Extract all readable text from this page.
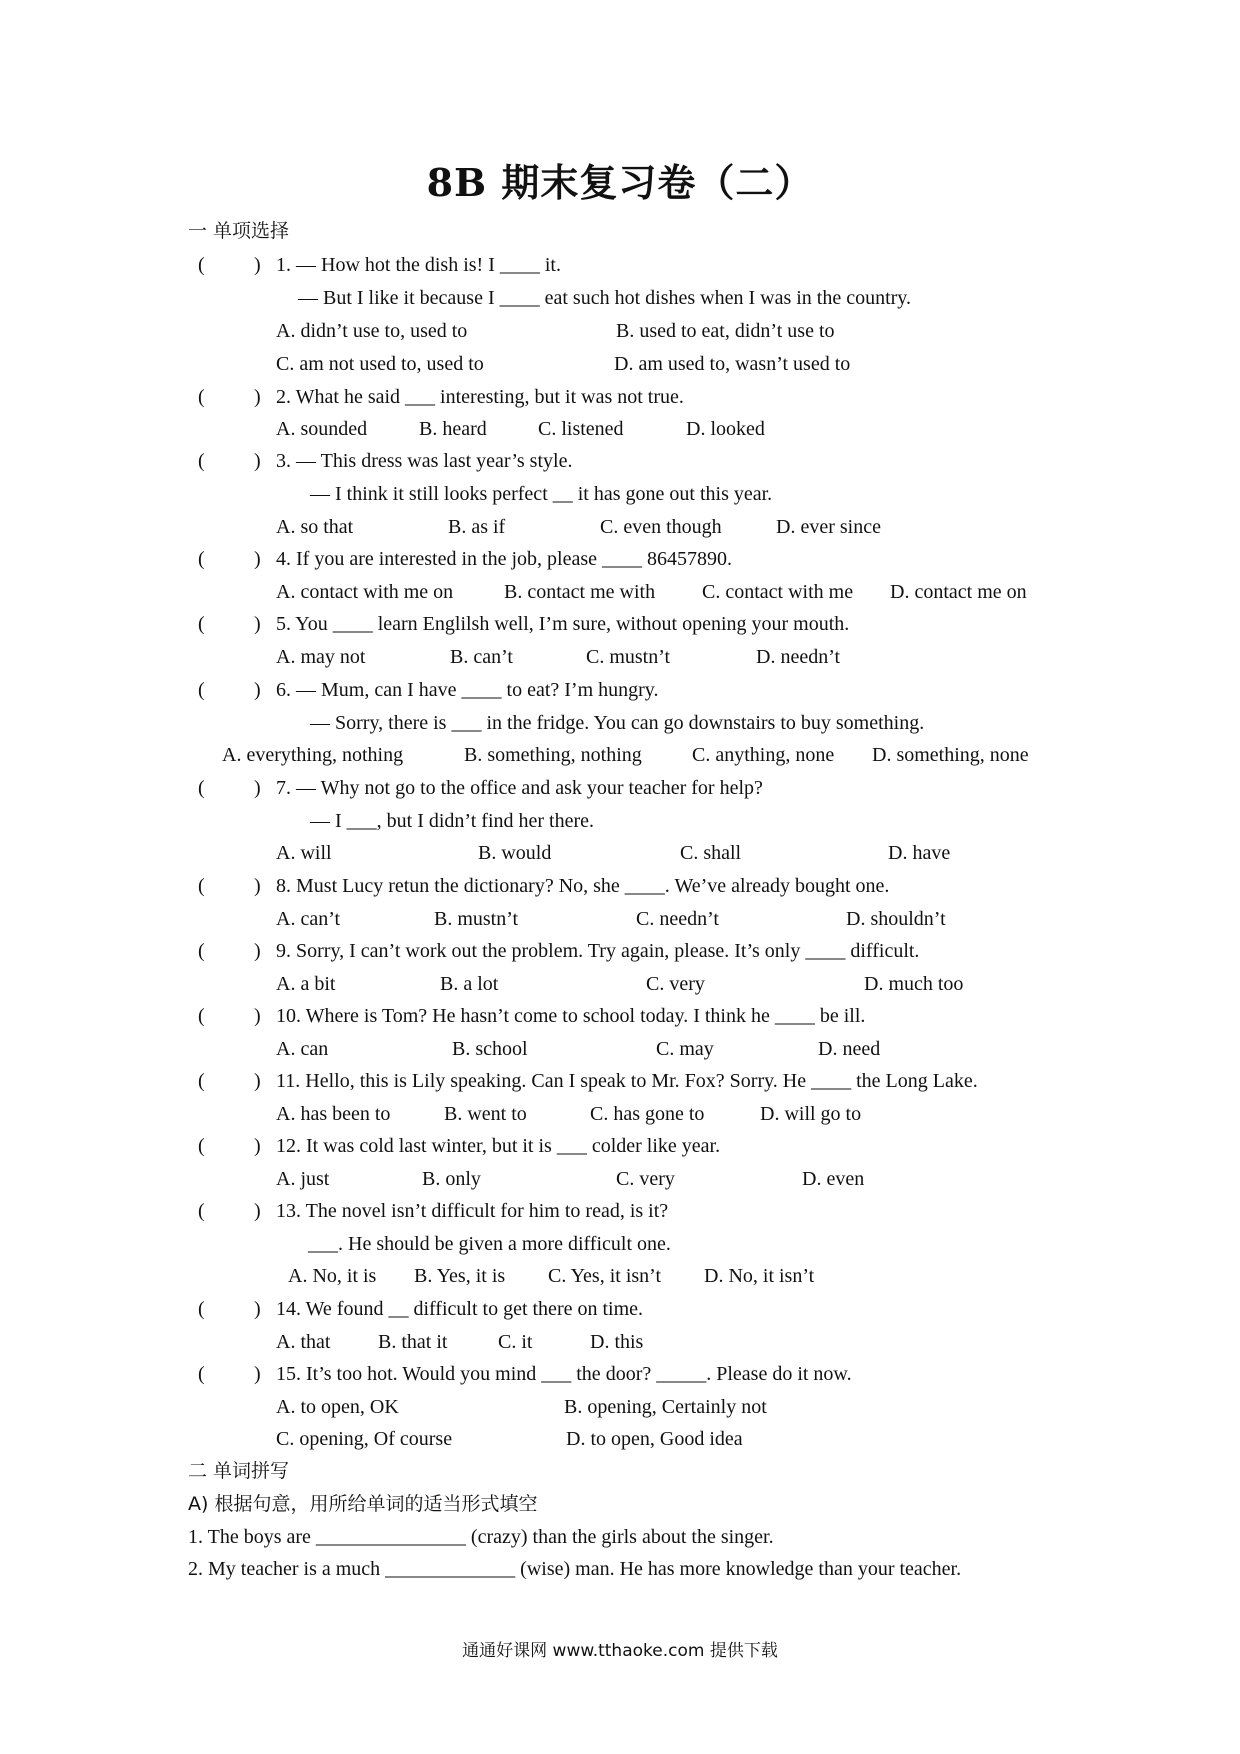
8B 期末复习卷（二）
一 单项选择
( ) 1. — How hot the dish is! I ____ it.
— But I like it because I ____ eat such hot dishes when I was in the country.
A. didn’t use to, used to	B. used to eat, didn’t use to
C. am not used to, used to	D. am used to, wasn’t used to
( ) 2. What he said ___ interesting, but it was not true.
A. sounded	B. heard	C. listened	D. looked
( ) 3. — This dress was last year’s style.
— I think it still looks perfect __ it has gone out this year.
A. so that	B. as if	C. even though	D. ever since
( ) 4. If you are interested in the job, please ____ 86457890.
A. contact with me on	B. contact me with C. contact with me D. contact me on
( ) 5. You ____ learn Englilsh well, I’m sure, without opening your mouth.
A. may not	B. can’t	C. mustn’t	D. needn’t
( ) 6. — Mum, can I have ____ to eat? I’m hungry.
— Sorry, there is ___ in the fridge. You can go downstairs to buy something.
A. everything, nothing	B. something, nothing	C. anything, none D. something, none
( ) 7. — Why not go to the office and ask your teacher for help?
— I ___, but I didn’t find her there.
A. will	B. would	C. shall	D. have
( ) 8. Must Lucy retun the dictionary? No, she ____. We’ve already bought one.
A. can’t	B. mustn’t	C. needn’t	D. shouldn’t
( ) 9. Sorry, I can’t work out the problem. Try again, please. It’s only ____ difficult.
A. a bit	B. a lot	C. very	D. much too
( ) 10. Where is Tom? He hasn’t come to school today. I think he ____ be ill.
A. can	B. school	C. may	D. need
( ) 11. Hello, this is Lily speaking. Can I speak to Mr. Fox? Sorry. He ____ the Long Lake.
A. has been to	B. went to	C. has gone to	D. will go to
( ) 12. It was cold last winter, but it is ___ colder like year.
A. just	B. only	C. very	D. even
( ) 13. The novel isn’t difficult for him to read, is it?
___. He should be given a more difficult one.
A. No, it is B. Yes, it is C. Yes, it isn’t D. No, it isn’t
( ) 14. We found __ difficult to get there on time.
A. that B. that it	C. it	D. this
( ) 15. It’s too hot. Would you mind ___ the door? _____. Please do it now.
A. to open, OK	B. opening, Certainly not
C. opening, Of course	D. to open, Good idea
二 单词拼写
A) 根据句意，用所给单词的适当形式填空
1. The boys are _______________ (crazy) than the girls about the singer.
2. My teacher is a much _____________ (wise) man. He has more knowledge than your teacher.
通通好课网 www.tthaoke.com 提供下载
